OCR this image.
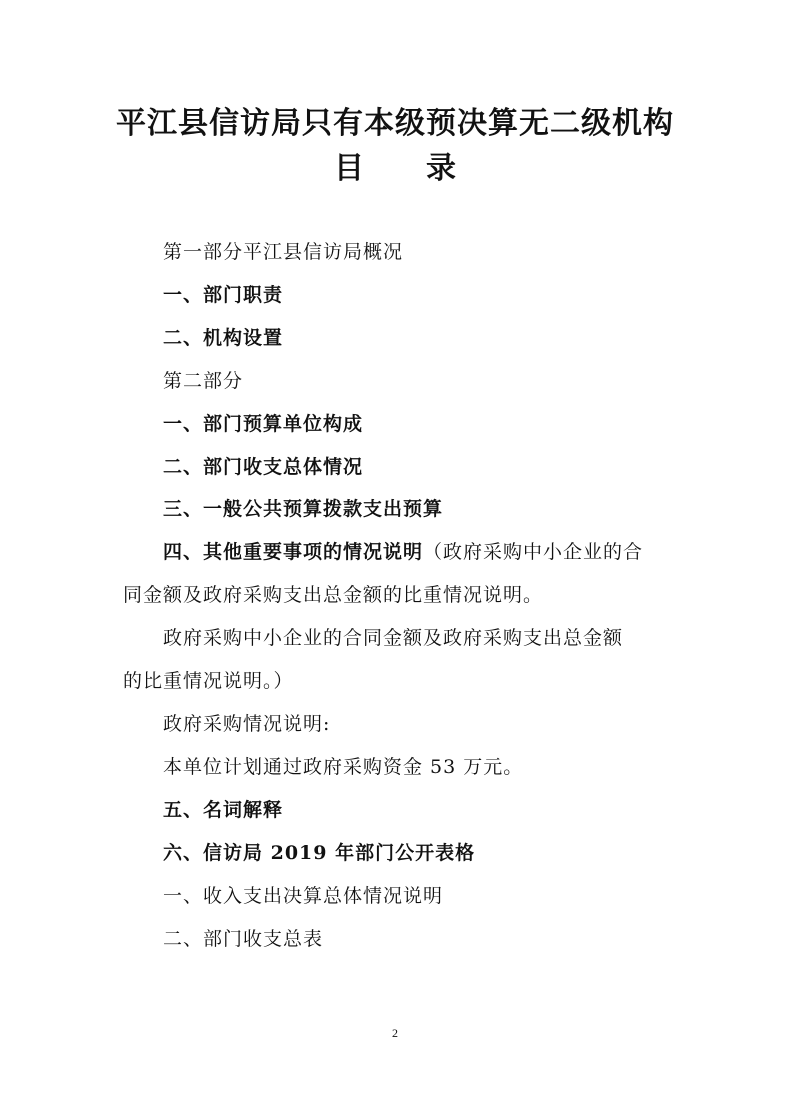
平江县信访局只有本级预决算无二级机构
目 录
第一部分平江县信访局概况
一、部门职责
二、机构设置
第二部分
一、部门预算单位构成
二、部门收支总体情况
三、一般公共预算拨款支出预算
四、其他重要事项的情况说明（政府采购中小企业的合
同金额及政府采购支出总金额的比重情况说明。
政府采购中小企业的合同金额及政府采购支出总金额
的比重情况说明。）
政府采购情况说明:
本单位计划通过政府采购资金 53 万元。
五、名词解释
六、信访局 2019 年部门公开表格
一、收入支出决算总体情况说明
二、部门收支总表
2
